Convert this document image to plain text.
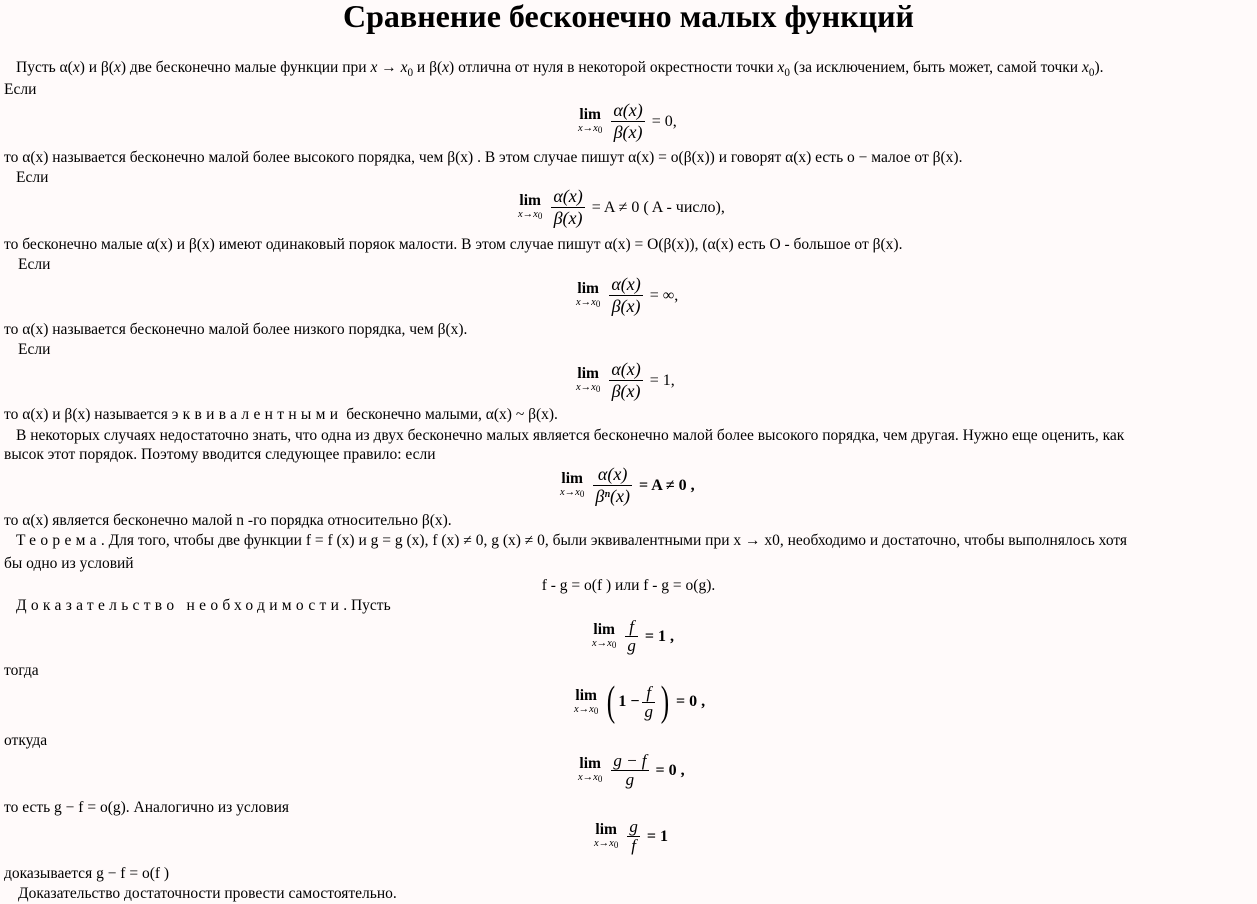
Сравнение бесконечно малых функций
Пусть α(x) и β(x) две бесконечно малые функции при $x \to x_0$ и β(x) отлична от нуля в некоторой окрестности точки $x_0$ (за исключением, быть может, самой точки $x_0$).
Если
lim
$x\to x0 \frac{\alpha(x)}{\beta(x)} = 0$,
то α(x) называется бесконечно малой более высокого порядка, чем β(x) . В этом случае пишут α(x) = o(β(x)) и говорят α(x) есть o − малое от β(x).
Если
lim
$x\to x0 \frac{\alpha(x)}{\beta(x)} = A \ne 0$ ( A - число),
то бесконечно малые α(x) и β(x) имеют одинаковый поряок малости. В этом случае пишут α(x) = O(β(x)), (α(x) есть O - большое от β(x).
Если
lim
$x\to x0 \frac{\alpha(x)}{\beta(x)}$ = ∞,
то α(x) называется бесконечно малой более низкого порядка, чем β(x).
Если
lim
$x\to x0 \frac{\alpha(x)}{\beta(x)} = 1$,
то α(x) и β(x) называется эквивалентными бесконечно малыми, α(x) ~ β(x).
В некоторых случаях недостаточно знать, что одна из двух бесконечно малых является бесконечно малой более высокого порядка, чем другая. Нужно еще оценить, как
высок этот порядок. Поэтому вводится следующее правило: если
lim
$x\to x0 \frac{\alpha(x)}{\text{βⁿ(x)}} = A \ne 0$ ,
то α(x) является бесконечно малой n -го порядка относительно β(x).
Теорема. Для того, чтобы две функции f = f (x) и g = g (x), f (x) ≠ 0, g (x) ≠ 0, были эквивалентными при x → x0, необходимо и достаточно, чтобы выполнялось хотя
бы одно из условий
f - g = o(f ) или f - g = o(g).
Доказательство необходимости. Пусть
lim
$x\to x0 \frac{f}{g} = 1$ ,
тогда
lim
x→x0 ( $1 - \frac{f}{g}$ ) = 0 ,
откуда
lim
$x\to x0 \frac{g - f}{g} = 0$ ,
то есть g − f = o(g). Аналогично из условия
lim
$x\to x0 \frac{g}{f} = 1$
доказывается g − f = o(f )
Доказательство достаточности провести самостоятельно.
